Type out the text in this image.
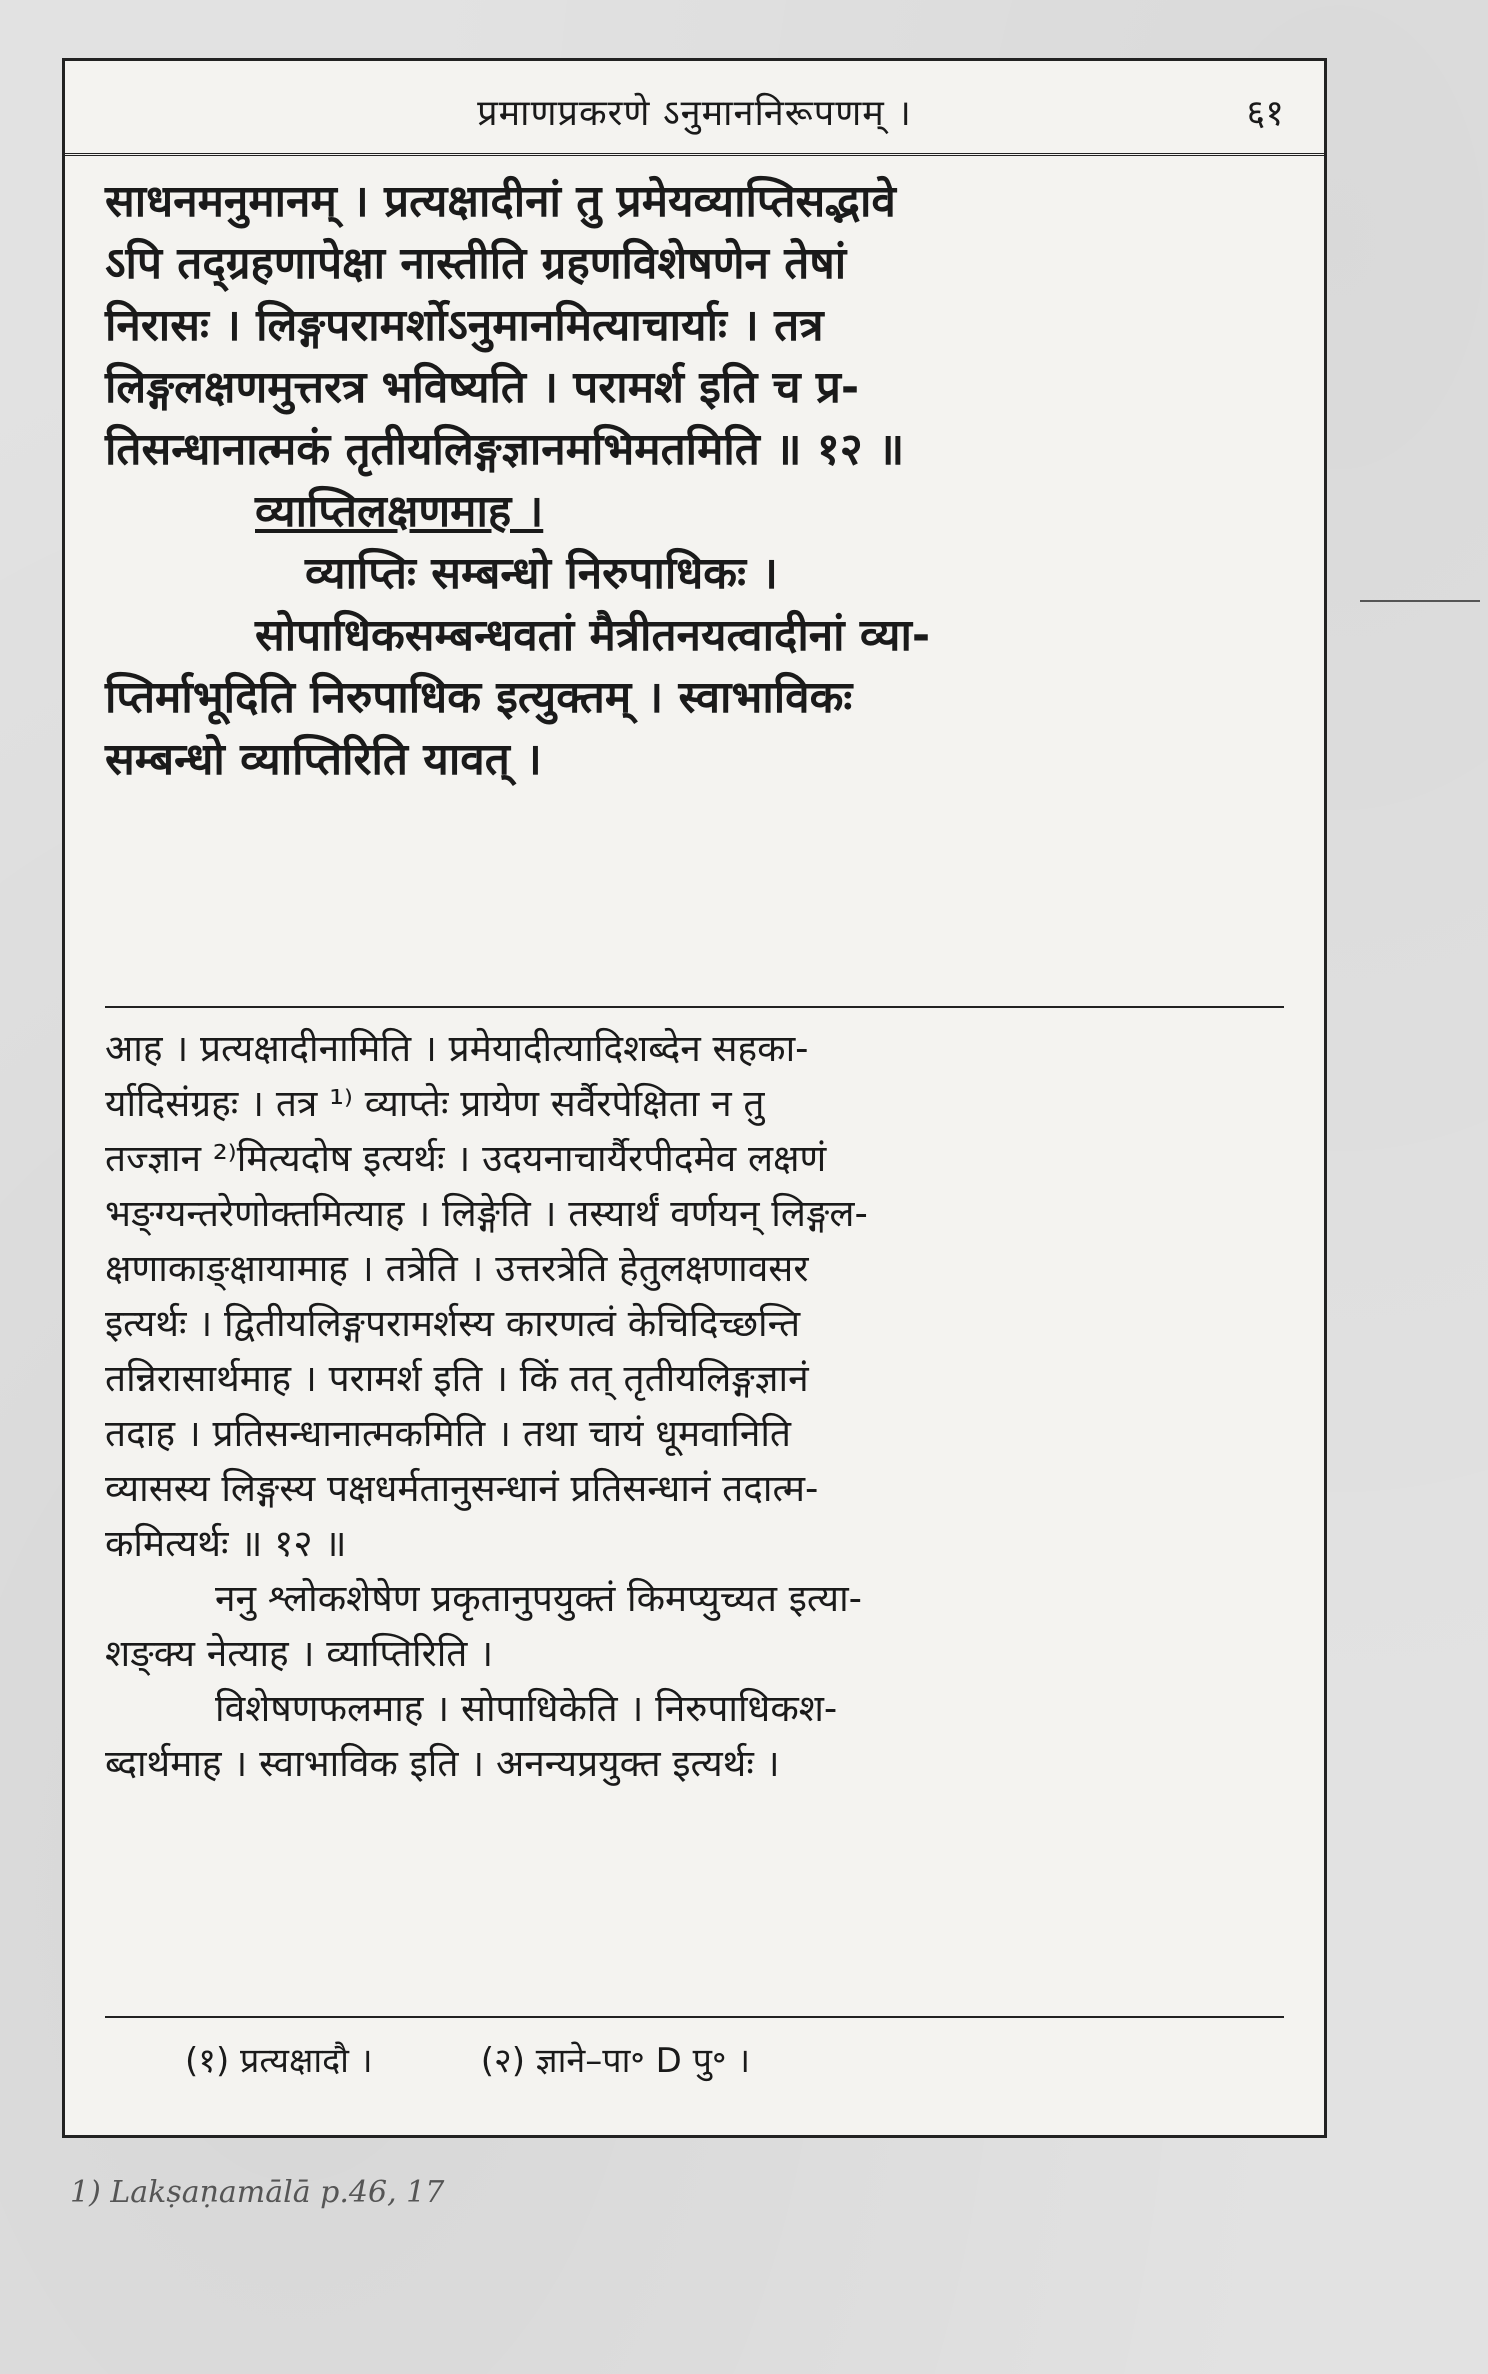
प्रमाणप्रकरणे ऽनुमाननिरूपणम् ।	६१

साधनमनुमानम् । प्रत्यक्षादीनां तु प्रमेयव्याप्तिसद्भावे

ऽपि तद्ग्रहणापेक्षा नास्तीति ग्रहणविशेषणेन तेषां

निरासः । लिङ्गपरामर्शोऽनुमानमित्याचार्याः । तत्र

लिङ्गलक्षणमुत्तरत्र भविष्यति । परामर्श इति च प्र-

तिसन्धानात्मकं तृतीयलिङ्गज्ञानमभिमतमिति ॥ १२ ॥

व्याप्तिलक्षणमाह ।

व्याप्तिः सम्बन्धो निरुपाधिकः ।

सोपाधिकसम्बन्धवतां मैत्रीतनयत्वादीनां व्या-

प्तिर्माभूदिति निरुपाधिक इत्युक्तम् । स्वाभाविकः

सम्बन्धो व्याप्तिरिति यावत् ।

आह । प्रत्यक्षादीनामिति । प्रमेयादीत्यादिशब्देन सहका-

र्यादिसंग्रहः । तत्र ¹⁾ व्याप्तेः प्रायेण सर्वैरपेक्षिता न तु

तज्ज्ञान ²⁾मित्यदोष इत्यर्थः । उदयनाचार्यैरपीदमेव लक्षणं

भङ्ग्यन्तरेणोक्तमित्याह । लिङ्गेति । तस्यार्थं वर्णयन् लिङ्गल-

क्षणाकाङ्क्षायामाह । तत्रेति । उत्तरत्रेति हेतुलक्षणावसर

इत्यर्थः । द्वितीयलिङ्गपरामर्शस्य कारणत्वं केचिदिच्छन्ति

तन्निरासार्थमाह । परामर्श इति । किं तत् तृतीयलिङ्गज्ञानं

तदाह । प्रतिसन्धानात्मकमिति । तथा चायं धूमवानिति

व्यासस्य लिङ्गस्य पक्षधर्मतानुसन्धानं प्रतिसन्धानं तदात्म-

कमित्यर्थः ॥ १२ ॥

ननु श्लोकशेषेण प्रकृतानुपयुक्तं किमप्युच्यत इत्या-

शङ्क्य नेत्याह । व्याप्तिरिति ।

विशेषणफलमाह । सोपाधिकेति । निरुपाधिकश-

ब्दार्थमाह । स्वाभाविक इति । अनन्यप्रयुक्त इत्यर्थः ।

(१) प्रत्यक्षादौ ।	(२) ज्ञाने–पा॰ D पु॰ ।
1) Lakṣaṇamālā p.46, 17
